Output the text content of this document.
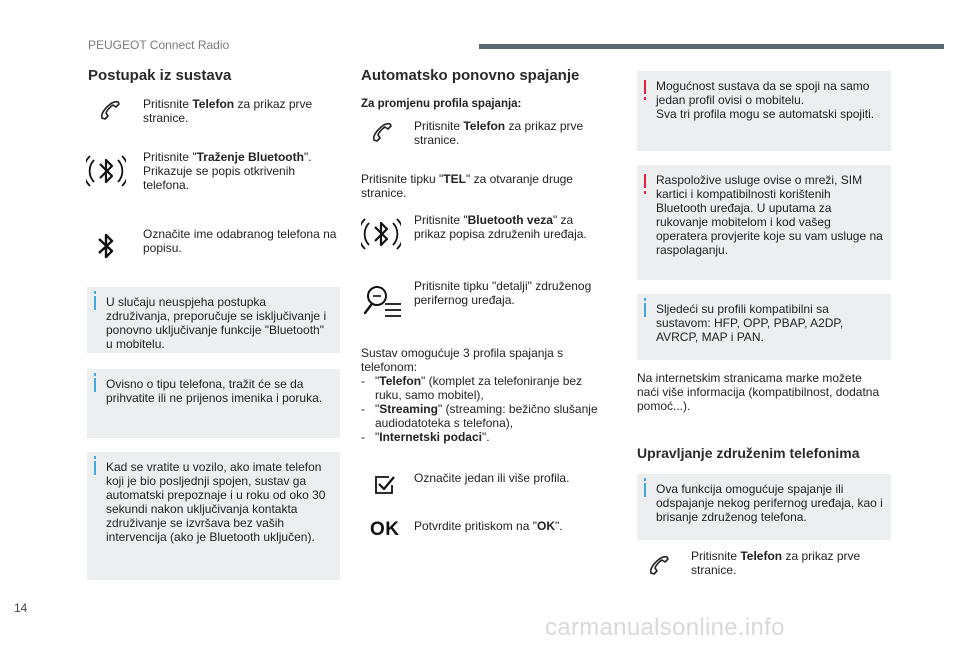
PEUGEOT Connect Radio
Postupak iz sustava
Pritisnite Telefon za prikaz prve stranice.
Pritisnite "Traženje Bluetooth". Prikazuje se popis otkrivenih telefona.
Označite ime odabranog telefona na popisu.
U slučaju neuspjeha postupka združivanja, preporučuje se isključivanje i ponovno uključivanje funkcije "Bluetooth" u mobitelu.
Ovisno o tipu telefona, tražit će se da prihvatite ili ne prijenos imenika i poruka.
Kad se vratite u vozilo, ako imate telefon koji je bio posljednji spojen, sustav ga automatski prepoznaje i u roku od oko 30 sekundi nakon uključivanja kontakta združivanje se izvršava bez vaših intervencija (ako je Bluetooth uključen).
Automatsko ponovno spajanje
Za promjenu profila spajanja:
Pritisnite Telefon za prikaz prve stranice.
Pritisnite tipku "TEL" za otvaranje druge stranice.
Pritisnite "Bluetooth veza" za prikaz popisa združenih uređaja.
Pritisnite tipku "detalji" združenog perifernog uređaja.
Sustav omogućuje 3 profila spajanja s telefonom:
- "Telefon" (komplet za telefoniranje bez ruku, samo mobitel),
- "Streaming" (streaming: bežično slušanje audiodatoteka s telefona),
- "Internetski podaci".
Označite jedan ili više profila.
OK Potvrdite pritiskom na "OK".
Mogućnost sustava da se spoji na samo jedan profil ovisi o mobitelu.
Sva tri profila mogu se automatski spojiti.
Raspoložive usluge ovise o mreži, SIM kartici i kompatibilnosti korištenih Bluetooth uređaja. U uputama za rukovanje mobitelom i kod vašeg operatera provjerite koje su vam usluge na raspolaganju.
Sljedeći su profili kompatibilni sa sustavom: HFP, OPP, PBAP, A2DP, AVRCP, MAP i PAN.
Na internetskim stranicama marke možete naći više informacija (kompatibilnost, dodatna pomoć...).
Upravljanje združenim telefonima
Ova funkcija omogućuje spajanje ili odspajanje nekog perifernog uređaja, kao i brisanje združenog telefona.
Pritisnite Telefon za prikaz prve stranice.
14
carmanualsonline.info
